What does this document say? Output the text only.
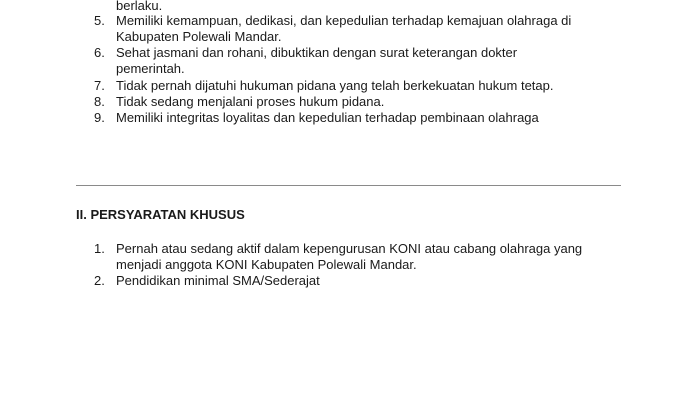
berlaku.
5. Memiliki kemampuan, dedikasi, dan kepedulian terhadap kemajuan olahraga di
Kabupaten Polewali Mandar.
6. Sehat jasmani dan rohani, dibuktikan dengan surat keterangan dokter
pemerintah.
7. Tidak pernah dijatuhi hukuman pidana yang telah berkekuatan hukum tetap.
8. Tidak sedang menjalani proses hukum pidana.
9. Memiliki integritas loyalitas dan kepedulian terhadap pembinaan olahraga
II. PERSYARATAN KHUSUS
1. Pernah atau sedang aktif dalam kepengurusan KONI atau cabang olahraga yang
menjadi anggota KONI Kabupaten Polewali Mandar.
2. Pendidikan minimal SMA/Sederajat
